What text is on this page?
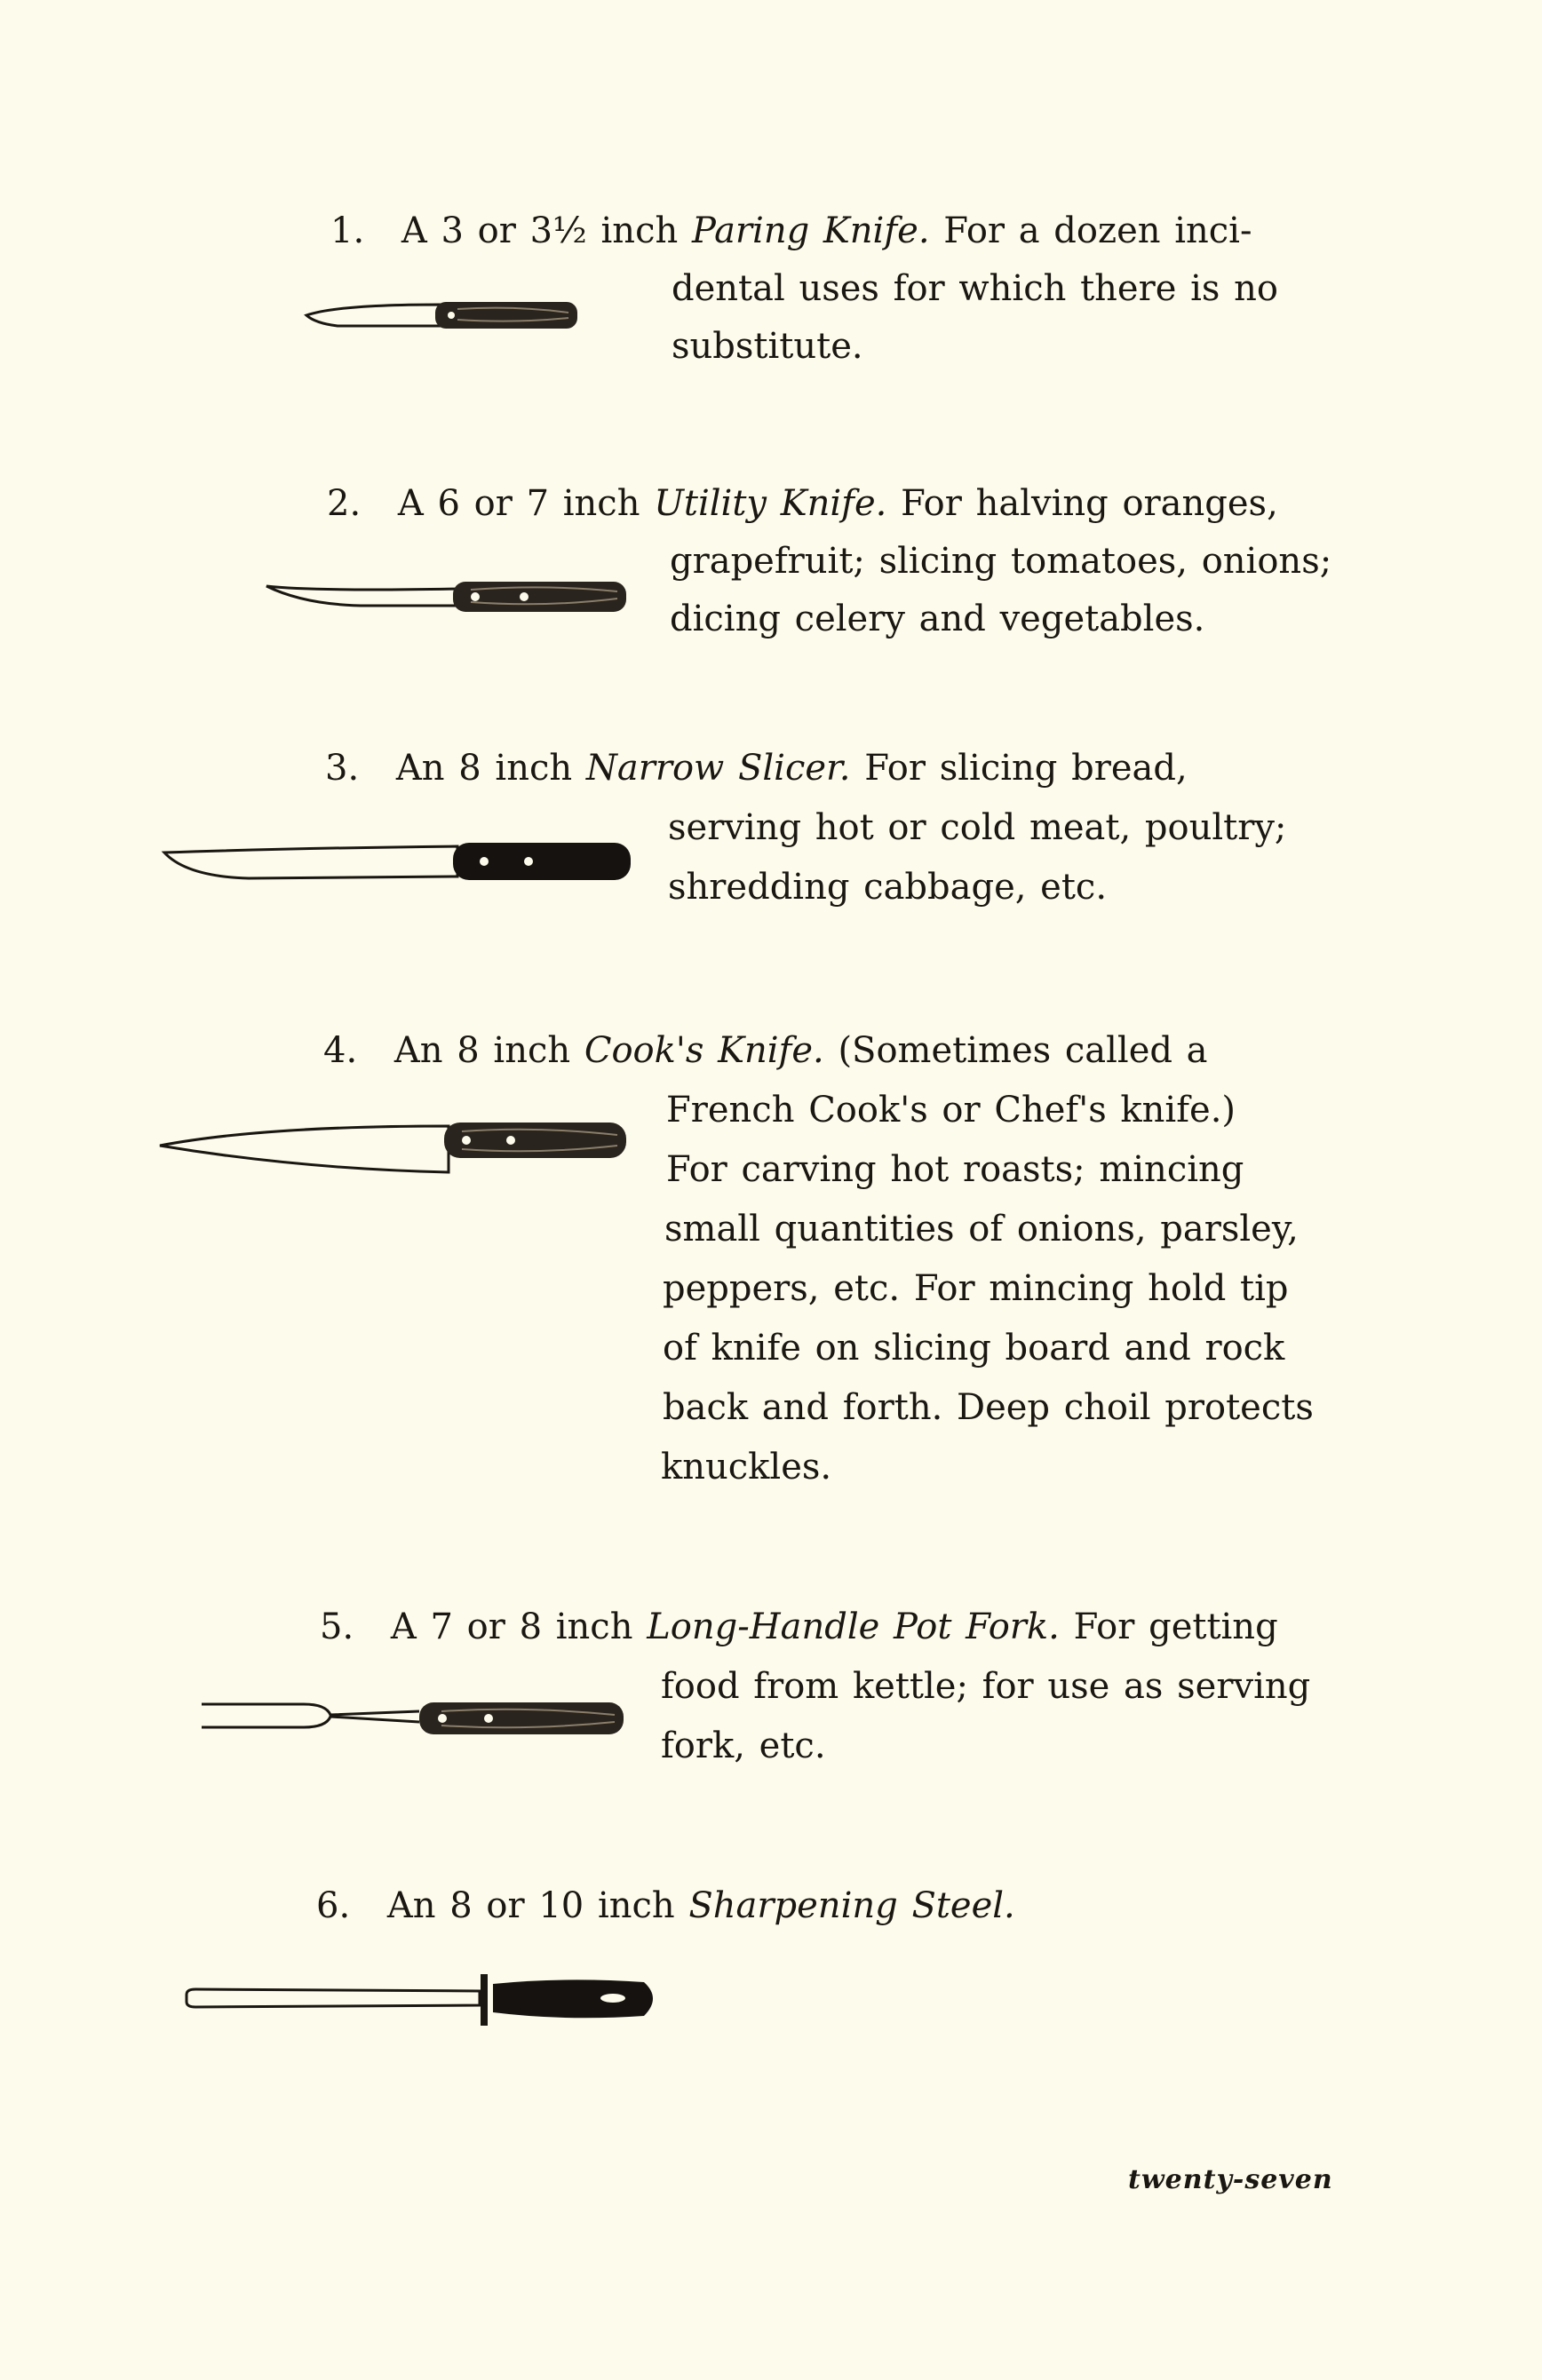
1. A 3 or 3½ inch Paring Knife. For a dozen inci-
dental uses for which there is no
substitute.
2. A 6 or 7 inch Utility Knife. For halving oranges,
grapefruit; slicing tomatoes, onions;
dicing celery and vegetables.
3. An 8 inch Narrow Slicer. For slicing bread,
serving hot or cold meat, poultry;
shredding cabbage, etc.
4. An 8 inch Cook's Knife. (Sometimes called a
French Cook's or Chef's knife.)
For carving hot roasts; mincing
small quantities of onions, parsley,
peppers, etc. For mincing hold tip
of knife on slicing board and rock
back and forth. Deep choil protects
knuckles.
5. A 7 or 8 inch Long-Handle Pot Fork. For getting
food from kettle; for use as serving
fork, etc.
6. An 8 or 10 inch Sharpening Steel.
twenty-seven
